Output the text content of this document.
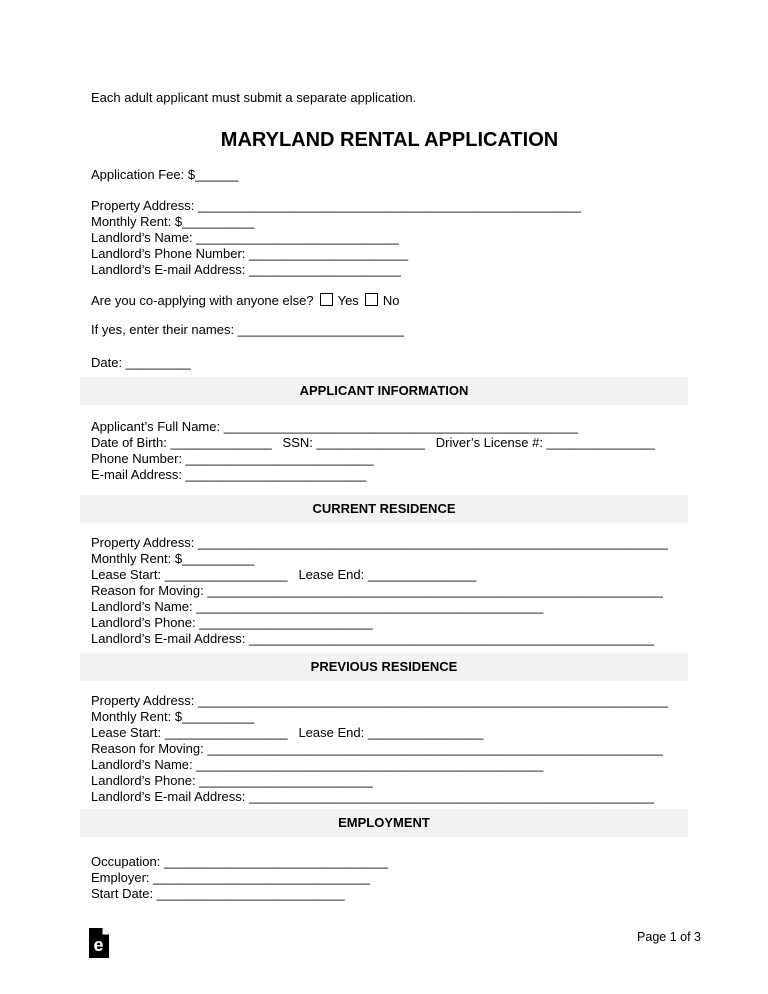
Each adult applicant must submit a separate application.
MARYLAND RENTAL APPLICATION
Application Fee: $______
Property Address: _____________________________________________________
Monthly Rent: $__________
Landlord’s Name: ____________________________
Landlord’s Phone Number: ______________________
Landlord’s E-mail Address: _____________________
Are you co-applying with anyone else? Yes No
If yes, enter their names: _______________________
Date: _________
APPLICANT INFORMATION
Applicant’s Full Name: _________________________________________________
Date of Birth: ______________   SSN: _______________   Driver’s License #: _______________
Phone Number: __________________________
E-mail Address: _________________________
CURRENT RESIDENCE
Property Address: _________________________________________________________________
Monthly Rent: $__________
Lease Start: _________________   Lease End: _______________
Reason for Moving: _______________________________________________________________
Landlord’s Name: ________________________________________________
Landlord’s Phone: ________________________
Landlord’s E-mail Address: ________________________________________________________
PREVIOUS RESIDENCE
Property Address: _________________________________________________________________
Monthly Rent: $__________
Lease Start: _________________   Lease End: ________________
Reason for Moving: _______________________________________________________________
Landlord’s Name: ________________________________________________
Landlord’s Phone: ________________________
Landlord’s E-mail Address: ________________________________________________________
EMPLOYMENT
Occupation: _______________________________
Employer: ______________________________
Start Date: __________________________
e	Page 1 of 3
